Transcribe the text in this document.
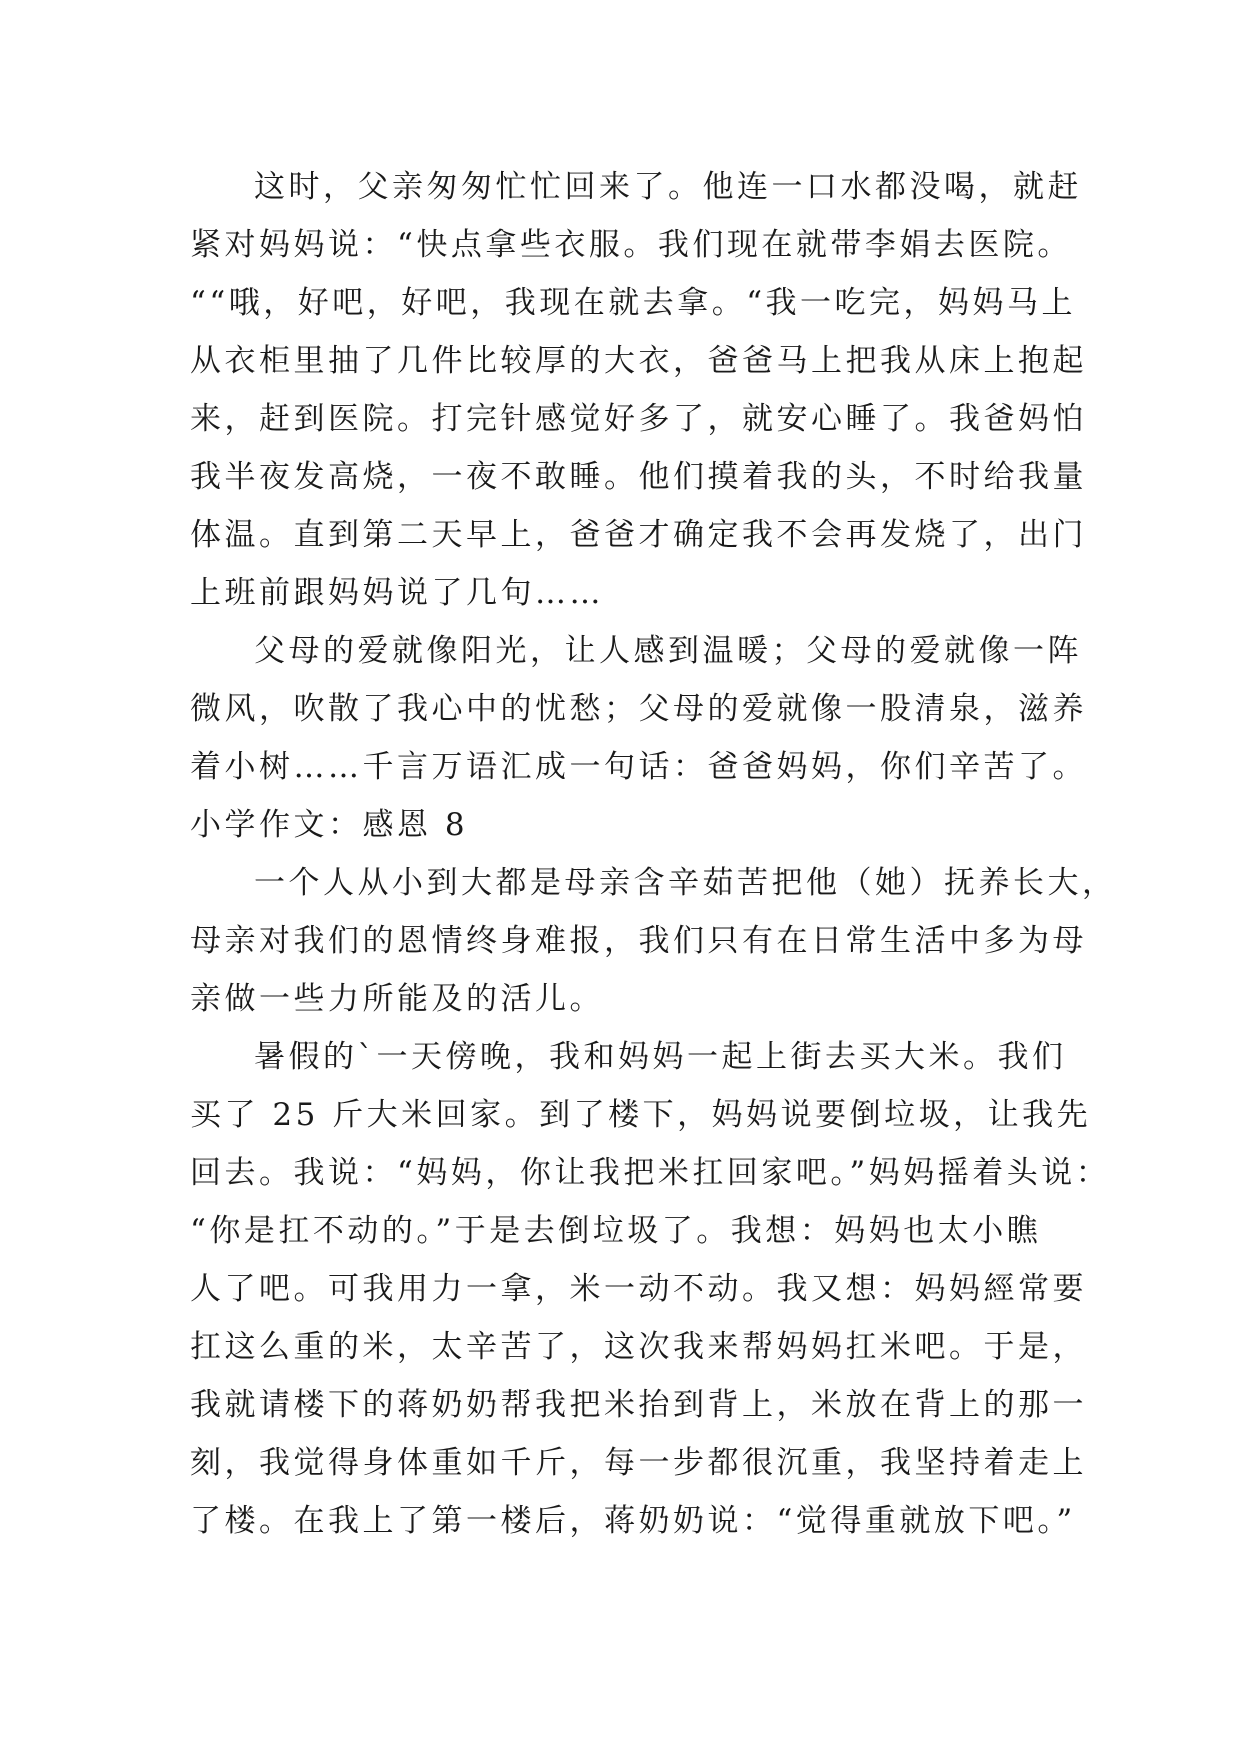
这时，父亲匆匆忙忙回来了。他连一口水都没喝，就赶
紧对妈妈说：“快点拿些衣服。我们现在就带李娟去医院。
““哦，好吧，好吧，我现在就去拿。“我一吃完，妈妈马上
从衣柜里抽了几件比较厚的大衣，爸爸马上把我从床上抱起
来，赶到医院。打完针感觉好多了，就安心睡了。我爸妈怕
我半夜发高烧，一夜不敢睡。他们摸着我的头，不时给我量
体温。直到第二天早上，爸爸才确定我不会再发烧了，出门
上班前跟妈妈说了几句……
父母的爱就像阳光，让人感到温暖；父母的爱就像一阵
微风，吹散了我心中的忧愁；父母的爱就像一股清泉，滋养
着小树……千言万语汇成一句话：爸爸妈妈，你们辛苦了。
小学作文：感恩 8
一个人从小到大都是母亲含辛茹苦把他（她）抚养长大，
母亲对我们的恩情终身难报，我们只有在日常生活中多为母
亲做一些力所能及的活儿。
暑假的`一天傍晚，我和妈妈一起上街去买大米。我们
买了 25 斤大米回家。到了楼下，妈妈说要倒垃圾，让我先
回去。我说：“妈妈，你让我把米扛回家吧。”妈妈摇着头说：
“你是扛不动的。”于是去倒垃圾了。我想：妈妈也太小瞧
人了吧。可我用力一拿，米一动不动。我又想：妈妈經常要
扛这么重的米，太辛苦了，这次我来帮妈妈扛米吧。于是，
我就请楼下的蒋奶奶帮我把米抬到背上，米放在背上的那一
刻，我觉得身体重如千斤，每一步都很沉重，我坚持着走上
了楼。在我上了第一楼后，蒋奶奶说：“觉得重就放下吧。”
